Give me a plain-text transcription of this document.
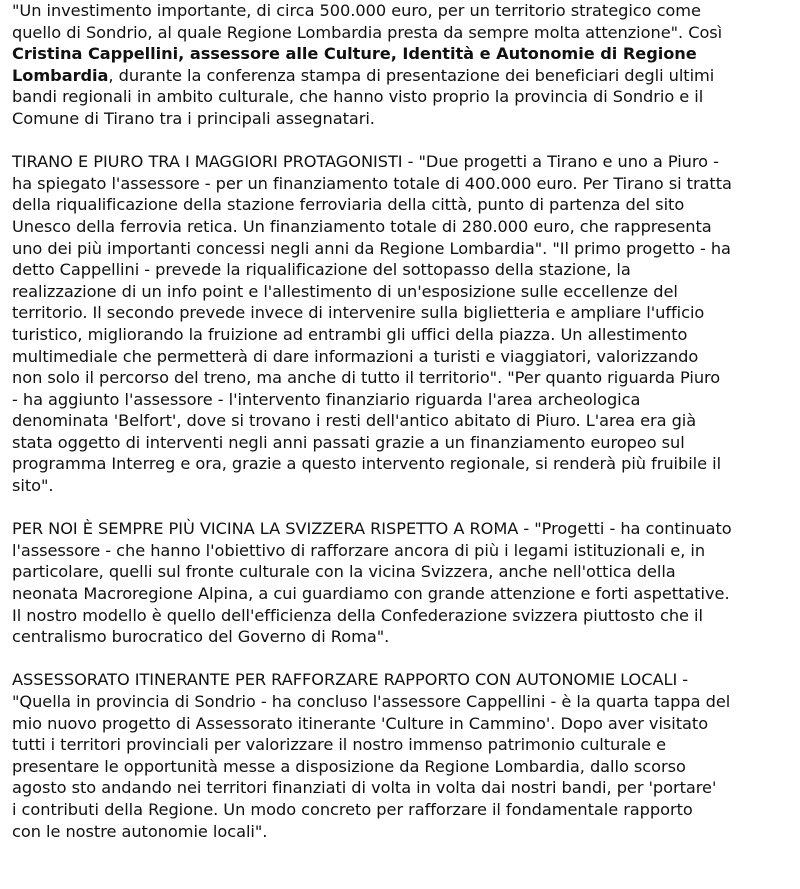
"Un investimento importante, di circa 500.000 euro, per un territorio strategico come
quello di Sondrio, al quale Regione Lombardia presta da sempre molta attenzione". Così
Cristina Cappellini, assessore alle Culture, Identità e Autonomie di Regione
Lombardia, durante la conferenza stampa di presentazione dei beneficiari degli ultimi
bandi regionali in ambito culturale, che hanno visto proprio la provincia di Sondrio e il
Comune di Tirano tra i principali assegnatari.

TIRANO E PIURO TRA I MAGGIORI PROTAGONISTI - "Due progetti a Tirano e uno a Piuro -
ha spiegato l'assessore - per un finanziamento totale di 400.000 euro. Per Tirano si tratta
della riqualificazione della stazione ferroviaria della città, punto di partenza del sito
Unesco della ferrovia retica. Un finanziamento totale di 280.000 euro, che rappresenta
uno dei più importanti concessi negli anni da Regione Lombardia". "Il primo progetto - ha
detto Cappellini - prevede la riqualificazione del sottopasso della stazione, la
realizzazione di un info point e l'allestimento di un'esposizione sulle eccellenze del
territorio. Il secondo prevede invece di intervenire sulla biglietteria e ampliare l'ufficio
turistico, migliorando la fruizione ad entrambi gli uffici della piazza. Un allestimento
multimediale che permetterà di dare informazioni a turisti e viaggiatori, valorizzando
non solo il percorso del treno, ma anche di tutto il territorio". "Per quanto riguarda Piuro
- ha aggiunto l'assessore - l'intervento finanziario riguarda l'area archeologica
denominata 'Belfort', dove si trovano i resti dell'antico abitato di Piuro. L'area era già
stata oggetto di interventi negli anni passati grazie a un finanziamento europeo sul
programma Interreg e ora, grazie a questo intervento regionale, si renderà più fruibile il
sito".

PER NOI È SEMPRE PIÙ VICINA LA SVIZZERA RISPETTO A ROMA - "Progetti - ha continuato
l'assessore - che hanno l'obiettivo di rafforzare ancora di più i legami istituzionali e, in
particolare, quelli sul fronte culturale con la vicina Svizzera, anche nell'ottica della
neonata Macroregione Alpina, a cui guardiamo con grande attenzione e forti aspettative.
Il nostro modello è quello dell'efficienza della Confederazione svizzera piuttosto che il
centralismo burocratico del Governo di Roma".

ASSESSORATO ITINERANTE PER RAFFORZARE RAPPORTO CON AUTONOMIE LOCALI -
"Quella in provincia di Sondrio - ha concluso l'assessore Cappellini - è la quarta tappa del
mio nuovo progetto di Assessorato itinerante 'Culture in Cammino'. Dopo aver visitato
tutti i territori provinciali per valorizzare il nostro immenso patrimonio culturale e
presentare le opportunità messe a disposizione da Regione Lombardia, dallo scorso
agosto sto andando nei territori finanziati di volta in volta dai nostri bandi, per 'portare'
i contributi della Regione. Un modo concreto per rafforzare il fondamentale rapporto
con le nostre autonomie locali".
